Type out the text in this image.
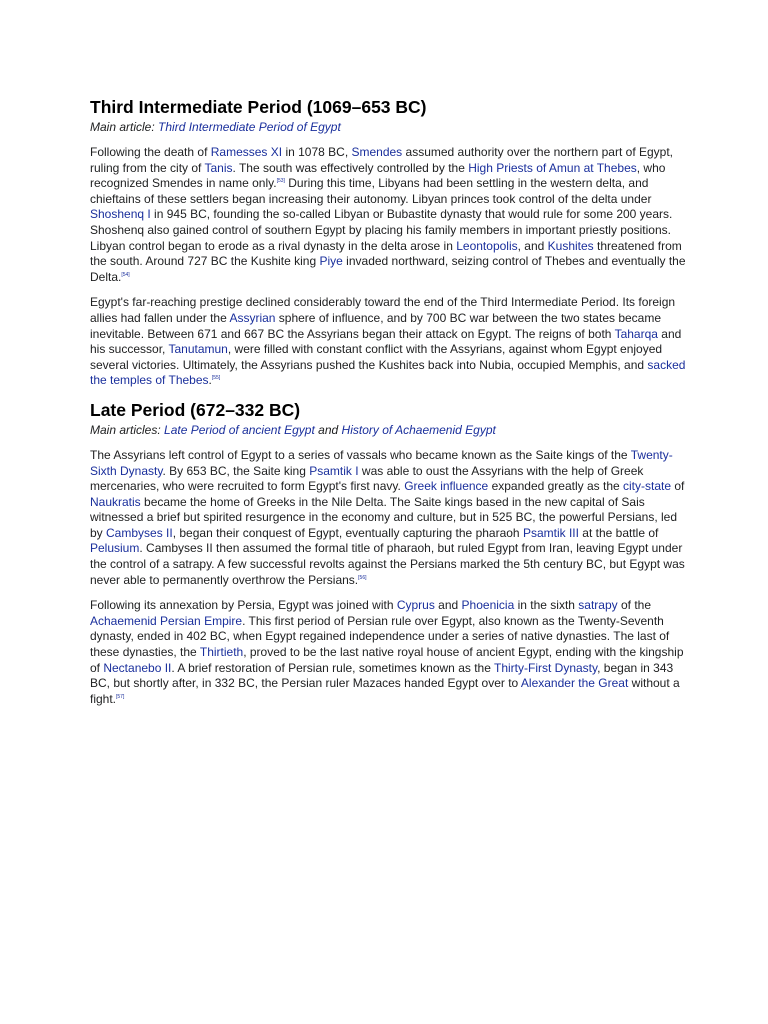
Third Intermediate Period (1069–653 BC)
Main article: Third Intermediate Period of Egypt

Following the death of Ramesses XI in 1078 BC, Smendes assumed authority over the northern part of Egypt, ruling from the city of Tanis. The south was effectively controlled by the High Priests of Amun at Thebes, who recognized Smendes in name only.[53] During this time, Libyans had been settling in the western delta, and chieftains of these settlers began increasing their autonomy. Libyan princes took control of the delta under Shoshenq I in 945 BC, founding the so-called Libyan or Bubastite dynasty that would rule for some 200 years. Shoshenq also gained control of southern Egypt by placing his family members in important priestly positions. Libyan control began to erode as a rival dynasty in the delta arose in Leontopolis, and Kushites threatened from the south. Around 727 BC the Kushite king Piye invaded northward, seizing control of Thebes and eventually the Delta.[54]

Egypt's far-reaching prestige declined considerably toward the end of the Third Intermediate Period. Its foreign allies had fallen under the Assyrian sphere of influence, and by 700 BC war between the two states became inevitable. Between 671 and 667 BC the Assyrians began their attack on Egypt. The reigns of both Taharqa and his successor, Tanutamun, were filled with constant conflict with the Assyrians, against whom Egypt enjoyed several victories. Ultimately, the Assyrians pushed the Kushites back into Nubia, occupied Memphis, and sacked the temples of Thebes.[55]

Late Period (672–332 BC)
Main articles: Late Period of ancient Egypt and History of Achaemenid Egypt

The Assyrians left control of Egypt to a series of vassals who became known as the Saite kings of the Twenty-Sixth Dynasty. By 653 BC, the Saite king Psamtik I was able to oust the Assyrians with the help of Greek mercenaries, who were recruited to form Egypt's first navy. Greek influence expanded greatly as the city-state of Naukratis became the home of Greeks in the Nile Delta. The Saite kings based in the new capital of Sais witnessed a brief but spirited resurgence in the economy and culture, but in 525 BC, the powerful Persians, led by Cambyses II, began their conquest of Egypt, eventually capturing the pharaoh Psamtik III at the battle of Pelusium. Cambyses II then assumed the formal title of pharaoh, but ruled Egypt from Iran, leaving Egypt under the control of a satrapy. A few successful revolts against the Persians marked the 5th century BC, but Egypt was never able to permanently overthrow the Persians.[56]

Following its annexation by Persia, Egypt was joined with Cyprus and Phoenicia in the sixth satrapy of the Achaemenid Persian Empire. This first period of Persian rule over Egypt, also known as the Twenty-Seventh dynasty, ended in 402 BC, when Egypt regained independence under a series of native dynasties. The last of these dynasties, the Thirtieth, proved to be the last native royal house of ancient Egypt, ending with the kingship of Nectanebo II. A brief restoration of Persian rule, sometimes known as the Thirty-First Dynasty, began in 343 BC, but shortly after, in 332 BC, the Persian ruler Mazaces handed Egypt over to Alexander the Great without a fight.[57]
